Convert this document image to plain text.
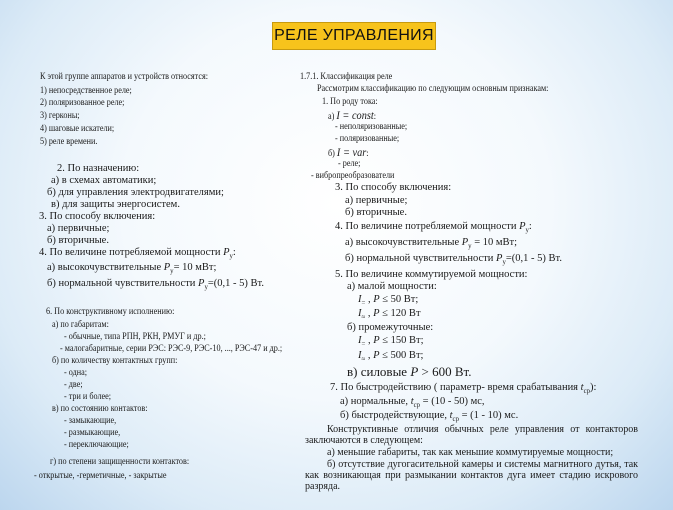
РЕЛЕ УПРАВЛЕНИЯ
К этой группе аппаратов и устройств относятся:
1) непосредственное реле;
2) поляризованное реле;
3) герконы;
4) шаговые искатели;
5) реле времени.
2. По назначению:
а) в схемах автоматики;
б) для управления электродвигателями;
в) для защиты энергосистем.
3. По способу включения:
а) первичные;
б) вторичные.
4. По величине потребляемой мощности $P_y$:
а) высокочувствительные $P_y= 10$ мВт;
б) нормальной чувствительности $P_y=(0,1 - 5)$ Вт.
6. По конструктивному исполнению:
а) по габаритам:
- обычные, типа РПН, РКН, РМУГ и др.;
- малогабаритные, серии РЭС: РЭС-9, РЭС-10, ..., РЭС-47 и др.;
б) по количеству контактных групп:
- одна;
- две;
- три и более;
в) по состоянию контактов:
- замыкающие,
- размыкающие,
- переключающие;
г) по степени защищенности контактов:
- открытые, -герметичные, - закрытые
1.7.1. Классификация реле
Рассмотрим классификацию по следующим основным признакам:
1. По роду тока:
а) I = const:
- неполяризованные;
- поляризованные;
б) I = var:
- реле;
- вибропреобразователи
3. По способу включения:
а) первичные;
б) вторичные.
4. По величине потребляемой мощности $P_y$:
а) высокочувствительные $P_y = 10$ мВт;
б) нормальной чувствительности $P_y=(0,1 - 5)$ Вт.
5. По величине коммутируемой мощности:
а) малой мощности:
$I_=$ , P ≤ 50 Вт;
$I_\approx$ , P ≤ 120 Вт
б) промежуточные:
$I_=$ , P ≤ 150 Вт;
$I_\approx$ , P ≤ 500 Вт;
в) силовые P > 600 Вт.
7. По быстродействию ( параметр- время срабатывания $t_{ср}$):
а) нормальные, $t_{ср} = (10 - 50)$ мс,
б) быстродействующие, $t_{ср} = (1 - 10)$ мс.
Конструктивные отличия обычных реле управления от контакторов заключаются в следующем:
а) меньшие габариты, так как меньшие коммутируемые мощности;
б) отсутствие дугогасительной камеры и системы магнитного дутья, так как возникающая при размыкании контактов дуга имеет стадию искрового разряда.
